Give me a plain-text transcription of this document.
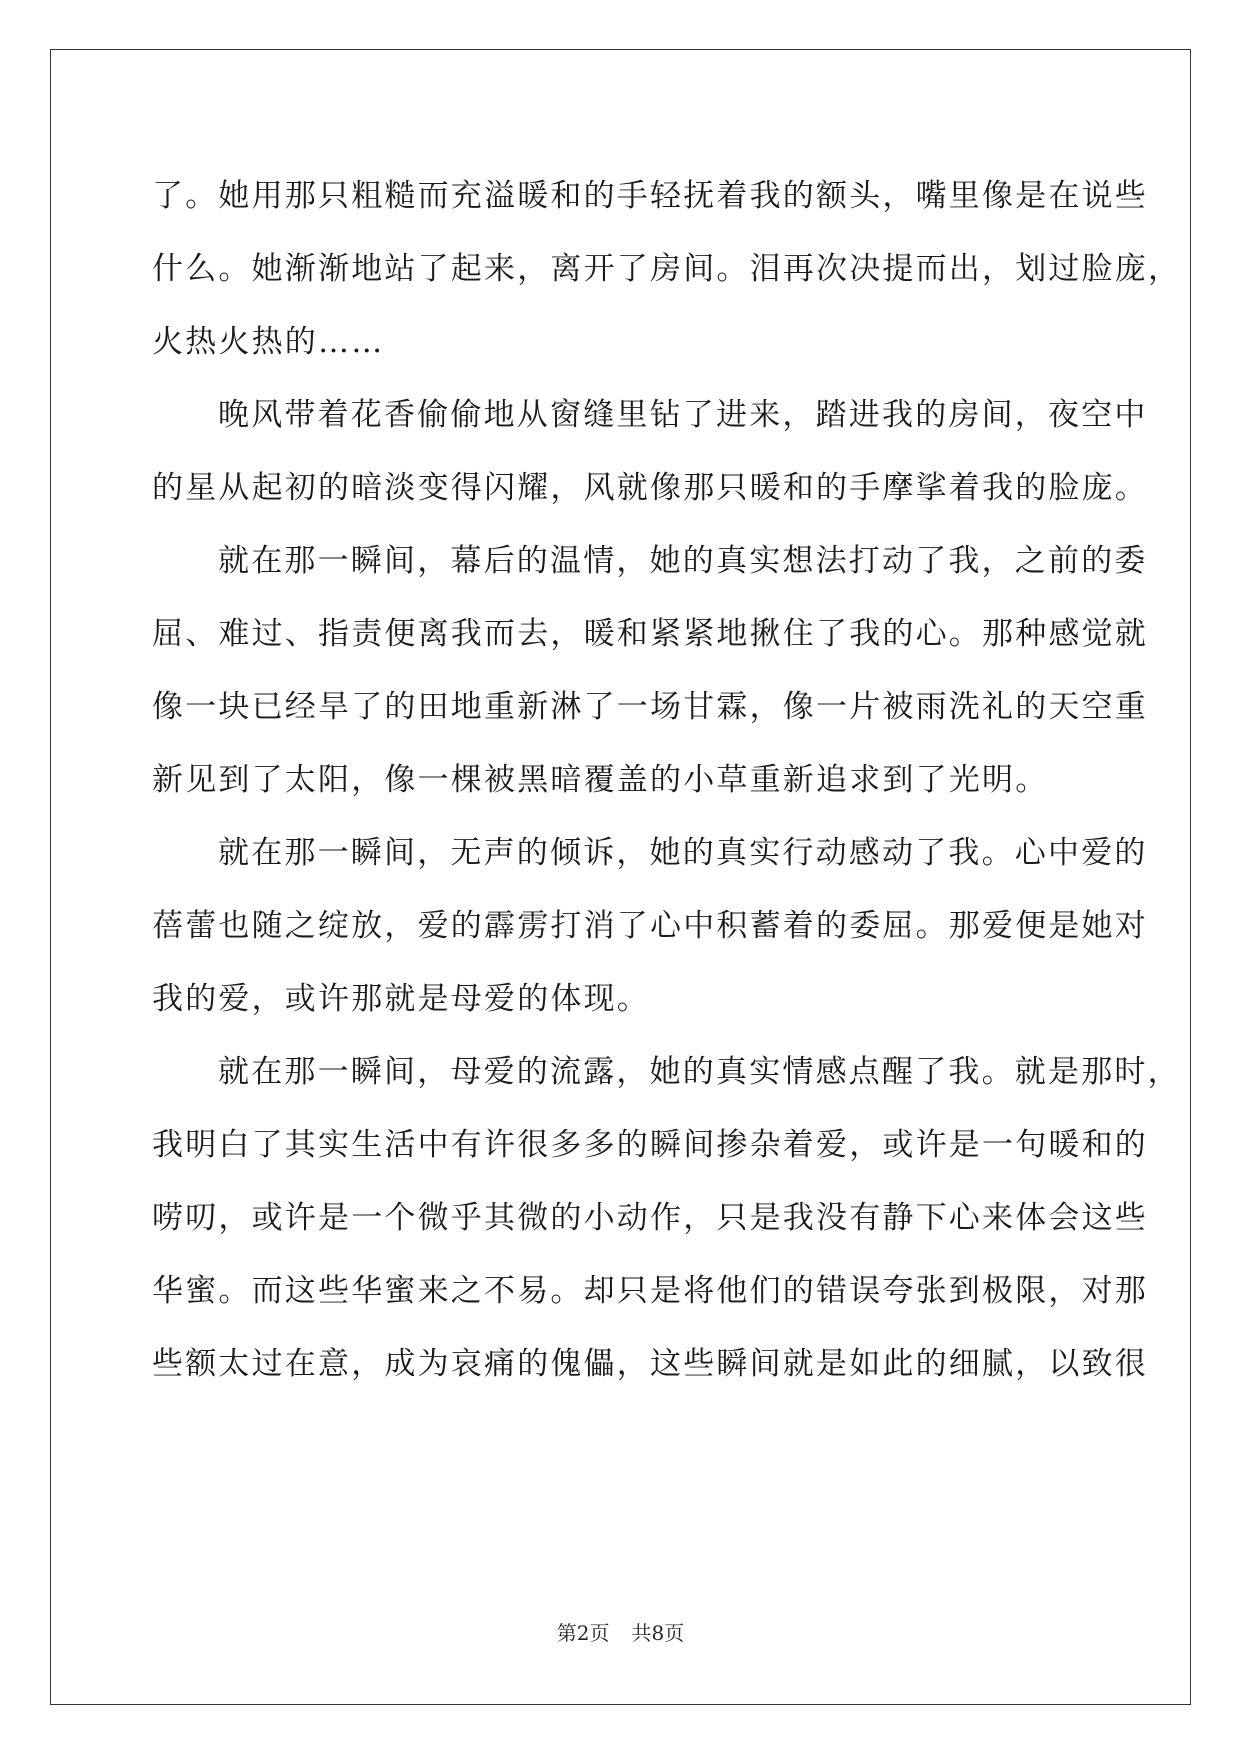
了。她用那只粗糙而充溢暖和的手轻抚着我的额头，嘴里像是在说些
什么。她渐渐地站了起来，离开了房间。泪再次决提而出，划过脸庞，
火热火热的……
晚风带着花香偷偷地从窗缝里钻了进来，踏进我的房间，夜空中
的星从起初的暗淡变得闪耀，风就像那只暖和的手摩挲着我的脸庞。
就在那一瞬间，幕后的温情，她的真实想法打动了我，之前的委
屈、难过、指责便离我而去，暖和紧紧地揪住了我的心。那种感觉就
像一块已经旱了的田地重新淋了一场甘霖，像一片被雨洗礼的天空重
新见到了太阳，像一棵被黑暗覆盖的小草重新追求到了光明。
就在那一瞬间，无声的倾诉，她的真实行动感动了我。心中爱的
蓓蕾也随之绽放，爱的霹雳打消了心中积蓄着的委屈。那爱便是她对
我的爱，或许那就是母爱的体现。
就在那一瞬间，母爱的流露，她的真实情感点醒了我。就是那时，
我明白了其实生活中有许很多多的瞬间掺杂着爱，或许是一句暖和的
唠叨，或许是一个微乎其微的小动作，只是我没有静下心来体会这些
华蜜。而这些华蜜来之不易。却只是将他们的错误夸张到极限，对那
些额太过在意，成为哀痛的傀儡，这些瞬间就是如此的细腻，以致很
第2页 共8页
